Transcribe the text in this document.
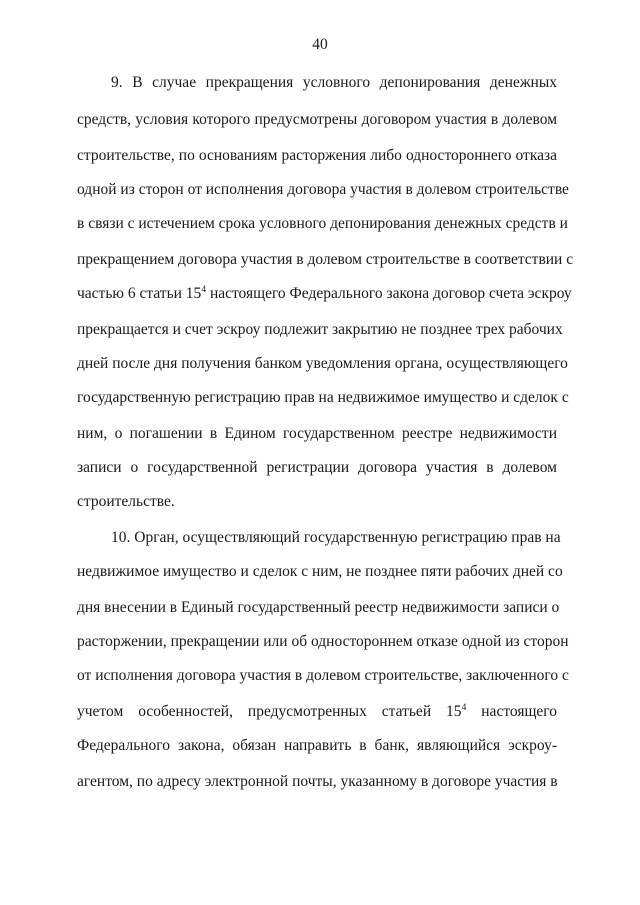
40
9. В случае прекращения условного депонирования денежных
средств, условия которого предусмотрены договором участия в долевом
строительстве, по основаниям расторжения либо одностороннего отказа
одной из сторон от исполнения договора участия в долевом строительстве
в связи с истечением срока условного депонирования денежных средств и
прекращением договора участия в долевом строительстве в соответствии с
частью 6 статьи $15^4$ настоящего Федерального закона договор счета эскроу
прекращается и счет эскроу подлежит закрытию не позднее трех рабочих
дней после дня получения банком уведомления органа, осуществляющего
государственную регистрацию прав на недвижимое имущество и сделок с
ним, о погашении в Едином государственном реестре недвижимости
записи о государственной регистрации договора участия в долевом
строительстве.
10. Орган, осуществляющий государственную регистрацию прав на
недвижимое имущество и сделок с ним, не позднее пяти рабочих дней со
дня внесении в Единый государственный реестр недвижимости записи о
расторжении, прекращении или об одностороннем отказе одной из сторон
от исполнения договора участия в долевом строительстве, заключенного с
учетом особенностей, предусмотренных статьей $15^4$ настоящего
Федерального закона, обязан направить в банк, являющийся эскроу-
агентом, по адресу электронной почты, указанному в договоре участия в
